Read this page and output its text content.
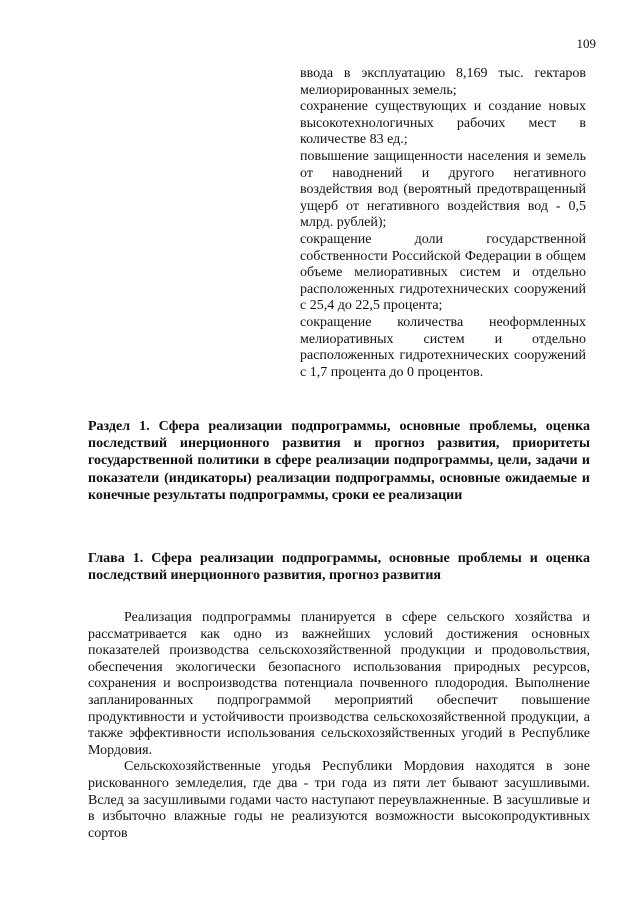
109

ввода в эксплуатацию 8,169 тыс. гектаров мелиорированных земель;

сохранение существующих и создание новых высокотехнологичных рабочих мест в количестве 83 ед.;

повышение защищенности населения и земель от наводнений и другого негативного воздействия вод (вероятный предотвращенный ущерб от негативного воздействия вод - 0,5 млрд. рублей);

сокращение доли государственной собственности Российской Федерации в общем объеме мелиоративных систем и отдельно расположенных гидротехнических сооружений с 25,4 до 22,5 процента;

сокращение количества неоформленных мелиоративных систем и отдельно расположенных гидротехнических сооружений с 1,7 процента до 0 процентов.

Раздел 1. Сфера реализации подпрограммы, основные проблемы, оценка последствий инерционного развития и прогноз развития, приоритеты государственной политики в сфере реализации подпрограммы, цели, задачи и показатели (индикаторы) реализации подпрограммы, основные ожидаемые и конечные результаты подпрограммы, сроки ее реализации
Глава 1. Сфера реализации подпрограммы, основные проблемы и оценка последствий инерционного развития, прогноз развития

Реализация подпрограммы планируется в сфере сельского хозяйства и рассматривается как одно из важнейших условий достижения основных показателей производства сельскохозяйственной продукции и продовольствия, обеспечения экологически безопасного использования природных ресурсов, сохранения и воспроизводства потенциала почвенного плодородия. Выполнение запланированных подпрограммой мероприятий обеспечит повышение продуктивности и устойчивости производства сельскохозяйственной продукции, а также эффективности использования сельскохозяйственных угодий в Республике Мордовия.

Сельскохозяйственные угодья Республики Мордовия находятся в зоне рискованного земледелия, где два - три года из пяти лет бывают засушливыми. Вслед за засушливыми годами часто наступают переувлажненные. В засушливые и в избыточно влажные годы не реализуются возможности высокопродуктивных сортов
